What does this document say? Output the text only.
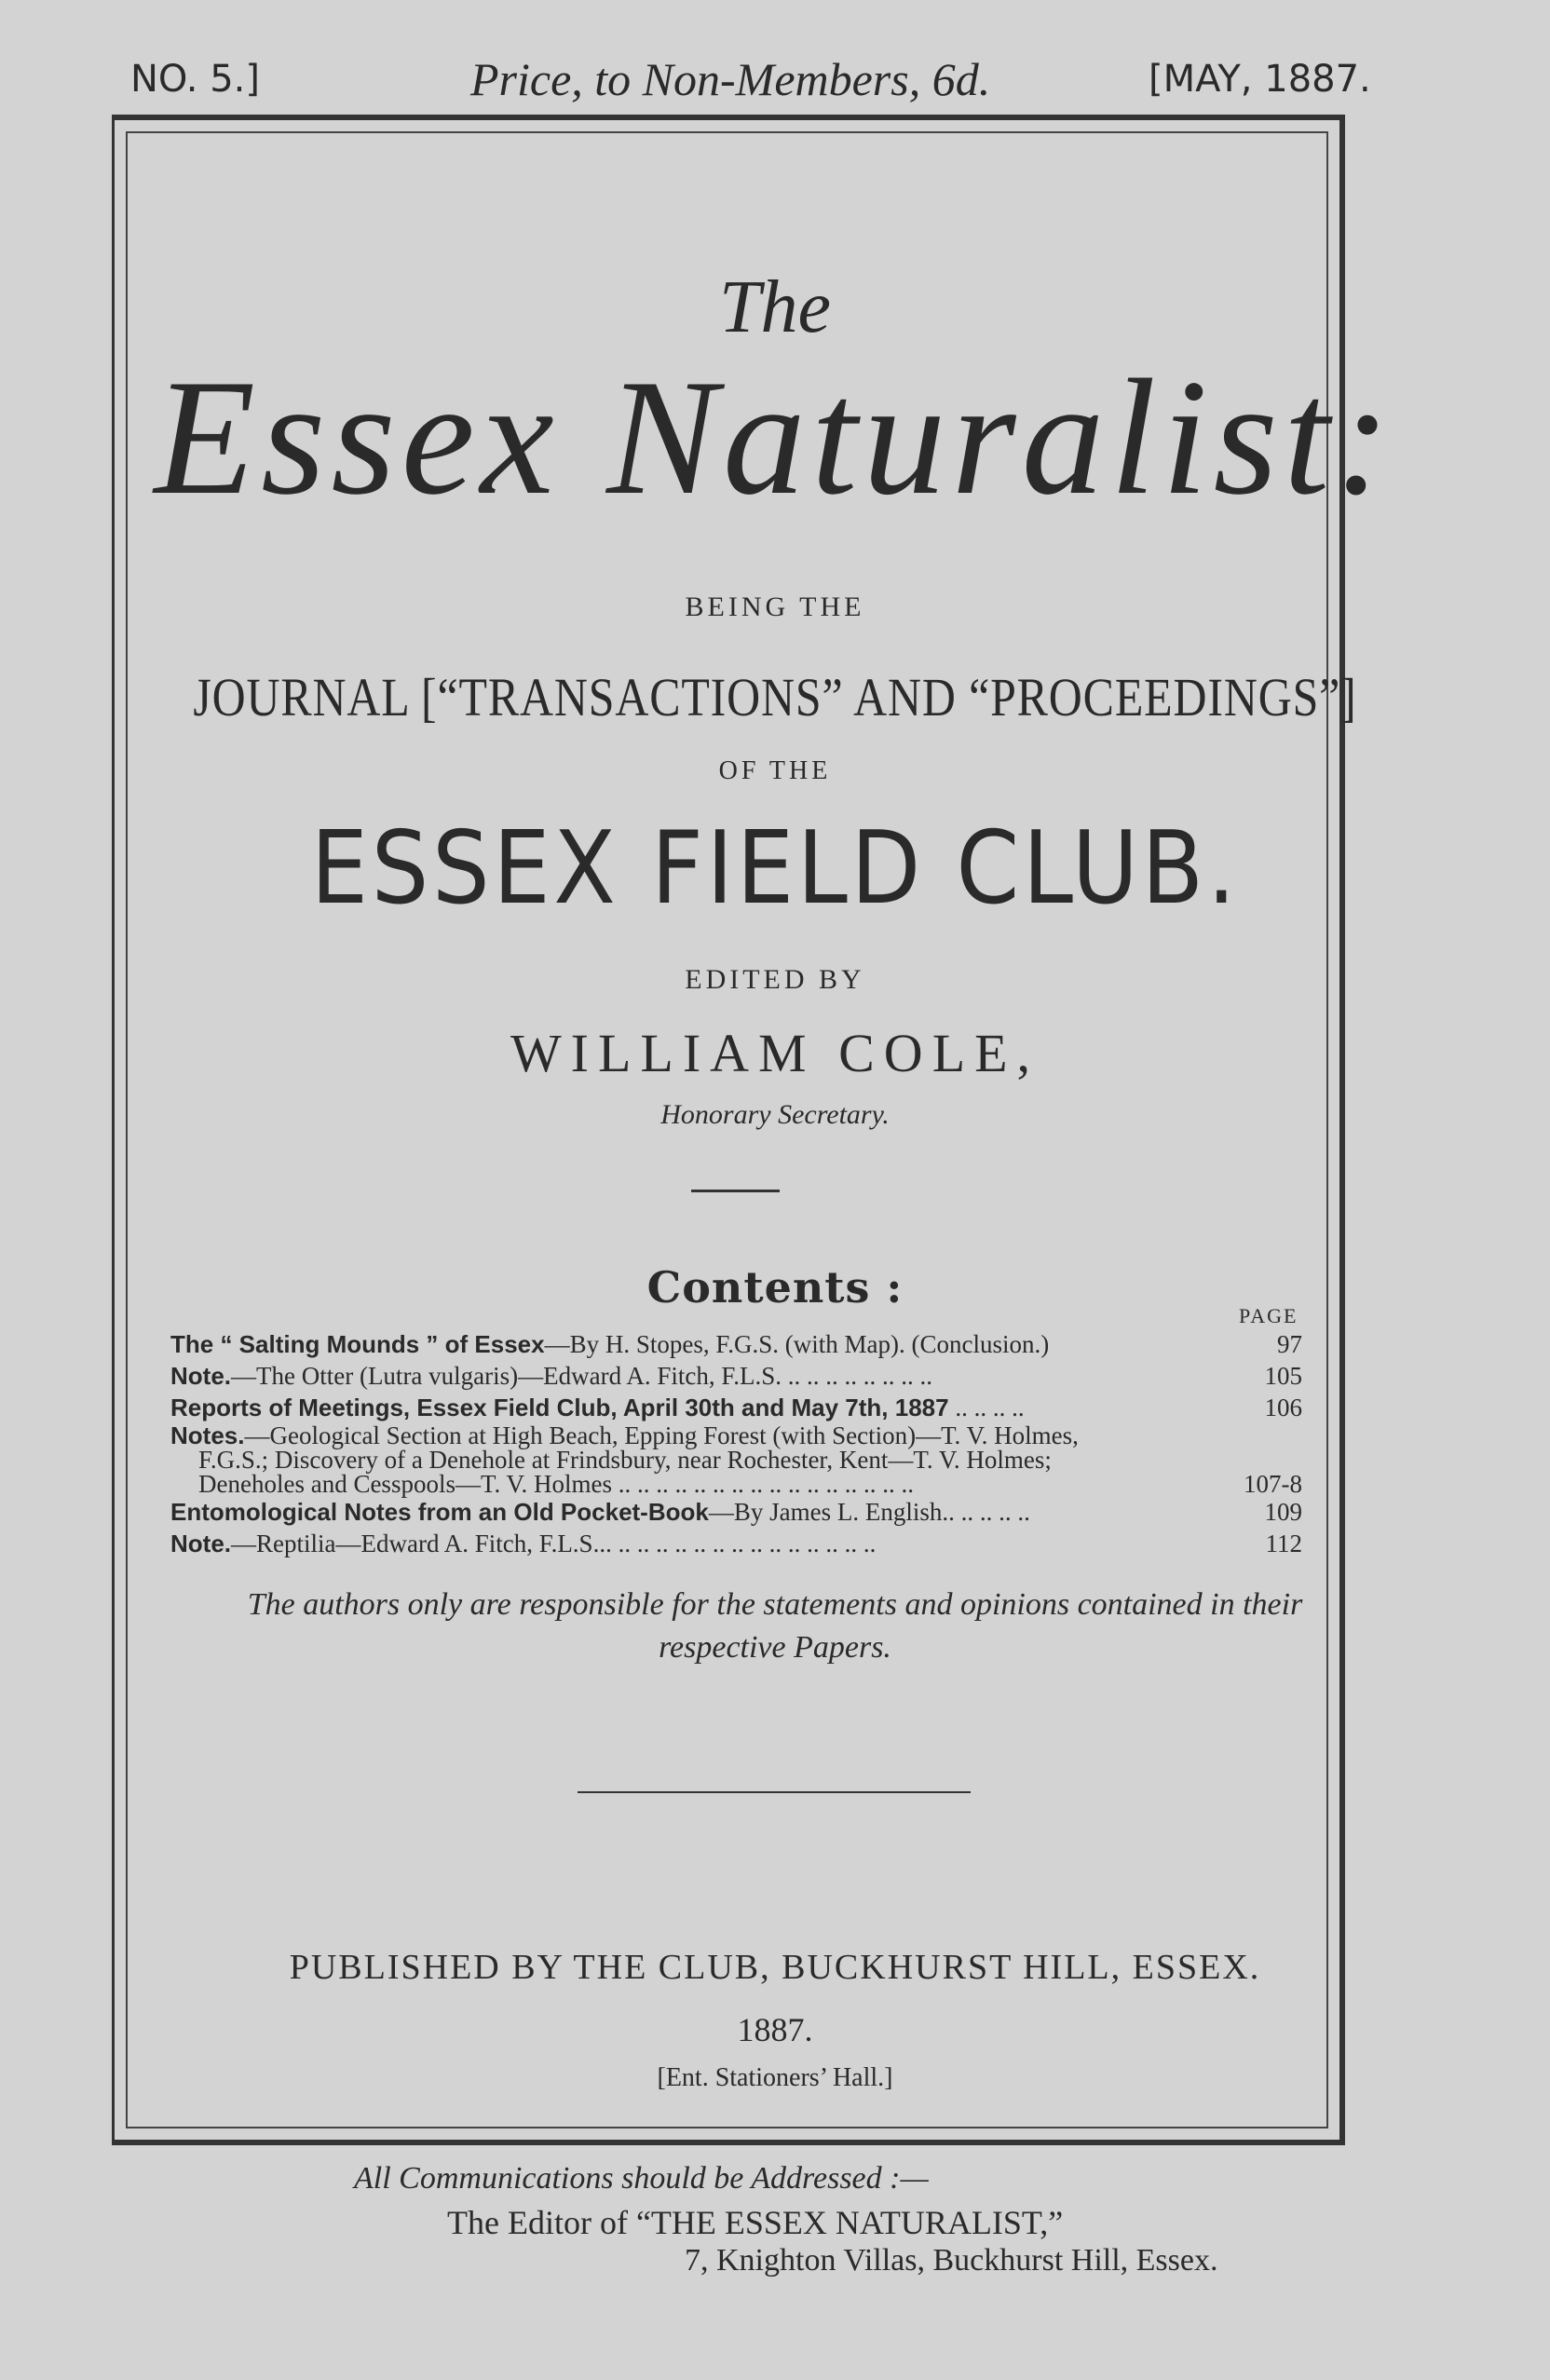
NO. 5.]	Price, to Non-Members, 6d.	[MAY, 1887.
The
Essex Naturalist:
BEING THE
JOURNAL [“TRANSACTIONS” AND “PROCEEDINGS”]
OF THE
ESSEX FIELD CLUB.
EDITED BY
WILLIAM COLE,
Honorary Secretary.
Contents :
PAGE
The “ Salting Mounds ” of Essex—By H. Stopes, F.G.S. (with Map). (Conclusion.)	97
Note.—The Otter (Lutra vulgaris)—Edward A. Fitch, F.L.S. .. .. .. .. .. .. .. ..	105
Reports of Meetings, Essex Field Club, April 30th and May 7th, 1887 .. .. .. ..	106
Notes.—Geological Section at High Beach, Epping Forest (with Section)—T. V. Holmes,
F.G.S.; Discovery of a Denehole at Frindsbury, near Rochester, Kent—T. V. Holmes;
Deneholes and Cesspools—T. V. Holmes .. .. .. .. .. .. .. .. .. .. .. .. .. .. .. ..	107-8
Entomological Notes from an Old Pocket-Book—By James L. English.. .. .. .. ..	109
Note.—Reptilia—Edward A. Fitch, F.L.S... .. .. .. .. .. .. .. .. .. .. .. .. .. ..	112
The authors only are responsible for the statements and opinions contained in their
respective Papers.
PUBLISHED BY THE CLUB, BUCKHURST HILL, ESSEX.
1887.
[Ent. Stationers’ Hall.]
All Communications should be Addressed :—
The Editor of “THE ESSEX NATURALIST,”
7, Knighton Villas, Buckhurst Hill, Essex.
